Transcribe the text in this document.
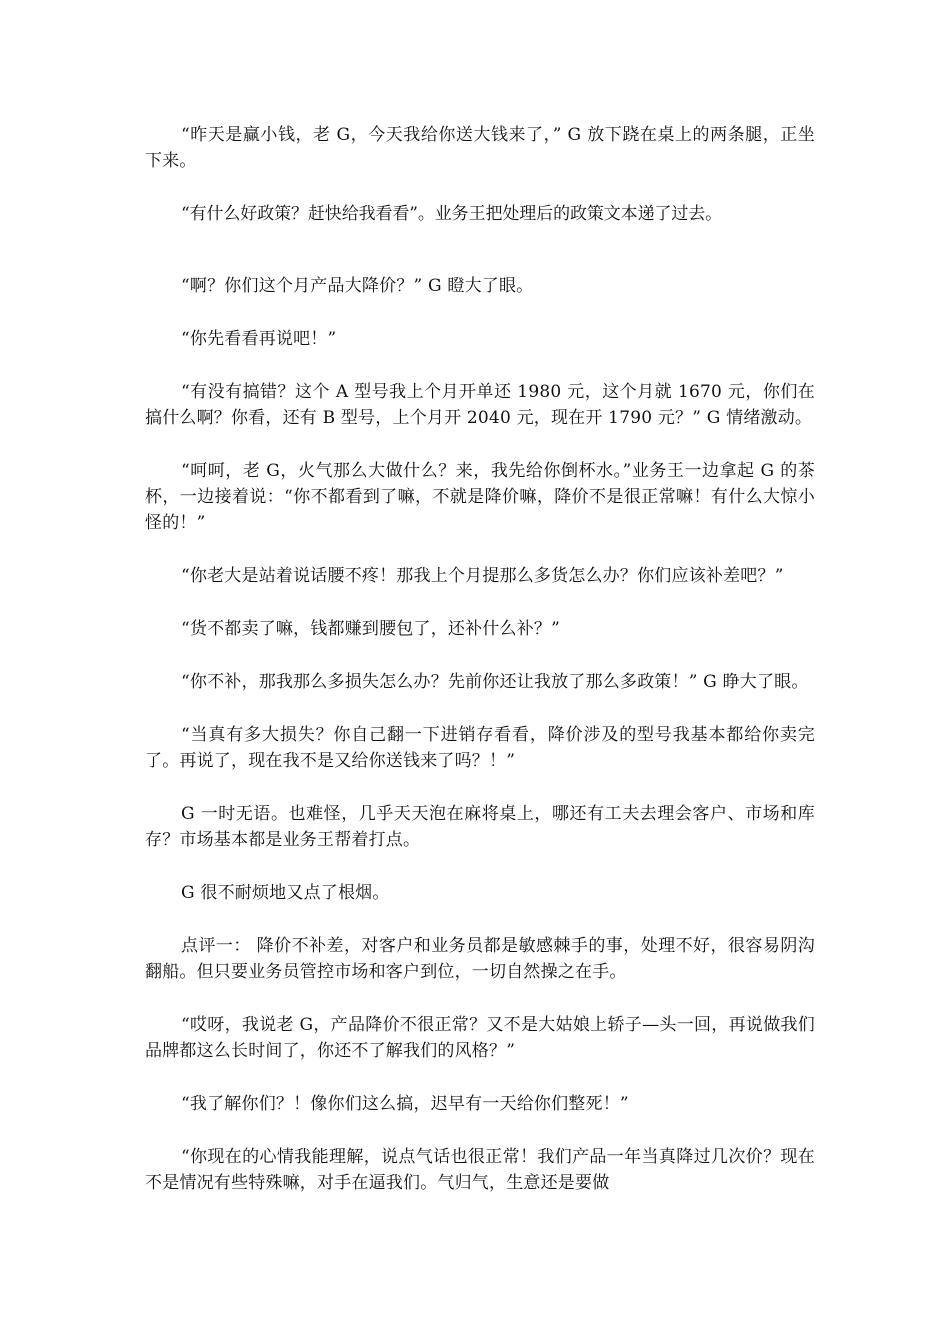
“昨天是赢小钱，老 G，今天我给你送大钱来了，” G 放下跷在桌上的两条腿，正坐下来。

“有什么好政策？赶快给我看看”。业务王把处理后的政策文本递了过去。

“啊？你们这个月产品大降价？” G 瞪大了眼。

“你先看看再说吧！”

“有没有搞错？这个 A 型号我上个月开单还 1980 元，这个月就 1670 元，你们在搞什么啊？你看，还有 B 型号，上个月开 2040 元，现在开 1790 元？” G 情绪激动。

“呵呵，老 G，火气那么大做什么？来，我先给你倒杯水。”业务王一边拿起 G 的茶杯，一边接着说：“你不都看到了嘛，不就是降价嘛，降价不是很正常嘛！有什么大惊小怪的！”

“你老大是站着说话腰不疼！那我上个月提那么多货怎么办？你们应该补差吧？”

“货不都卖了嘛，钱都赚到腰包了，还补什么补？”

“你不补，那我那么多损失怎么办？先前你还让我放了那么多政策！” G 睁大了眼。

“当真有多大损失？你自己翻一下进销存看看，降价涉及的型号我基本都给你卖完了。再说了，现在我不是又给你送钱来了吗？！”

G 一时无语。也难怪，几乎天天泡在麻将桌上，哪还有工夫去理会客户、市场和库存？市场基本都是业务王帮着打点。

G 很不耐烦地又点了根烟。

点评一： 降价不补差，对客户和业务员都是敏感棘手的事，处理不好，很容易阴沟翻船。但只要业务员管控市场和客户到位，一切自然操之在手。

“哎呀，我说老 G，产品降价不很正常？又不是大姑娘上轿子—头一回，再说做我们品牌都这么长时间了，你还不了解我们的风格？”

“我了解你们？！像你们这么搞，迟早有一天给你们整死！”

“你现在的心情我能理解，说点气话也很正常！我们产品一年当真降过几次价？现在不是情况有些特殊嘛，对手在逼我们。气归气，生意还是要做
